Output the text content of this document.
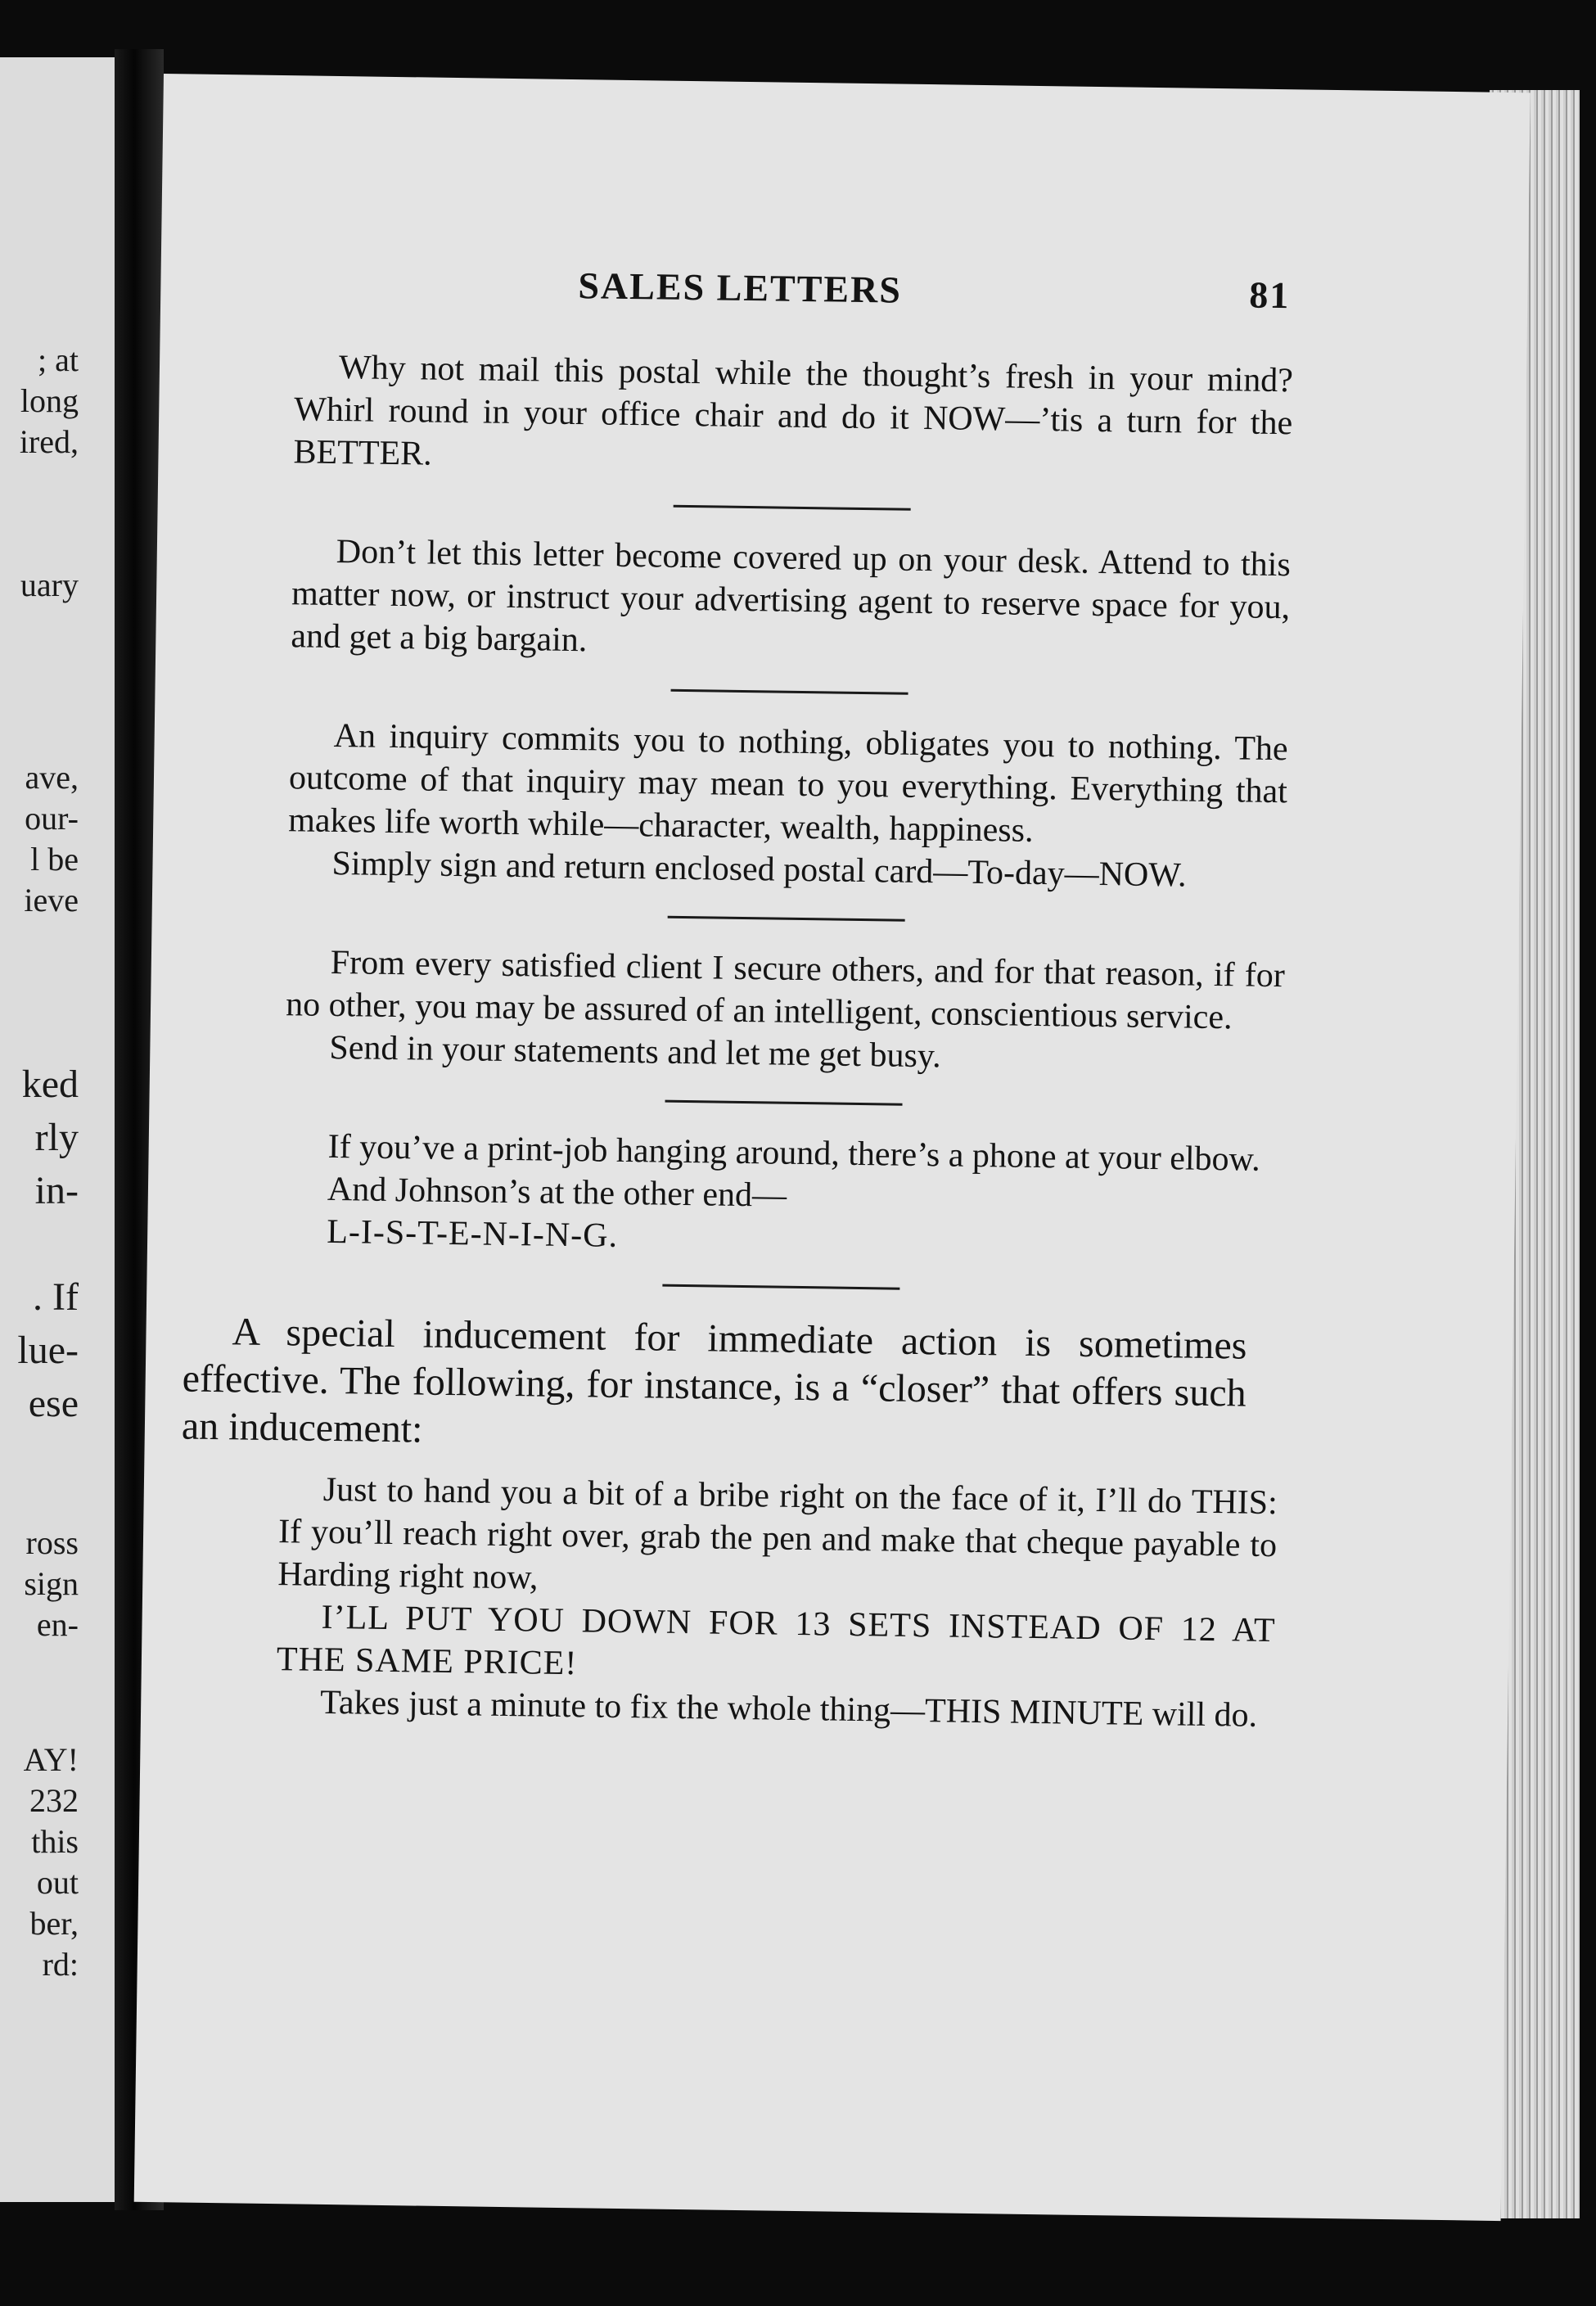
; at
long
ired,
uary
ave,
our-
l be
ieve
ked
rly
in-
. If
lue-
ese
ross
sign
en-
AY!
232
this
out
ber,
rd:
SALES LETTERS	81

Why not mail this postal while the thought’s fresh in your mind? Whirl round in your office chair and do it NOW—’tis a turn for the BETTER.

Don’t let this letter become covered up on your desk. Attend to this matter now, or instruct your advertising agent to reserve space for you, and get a big bargain.

An inquiry commits you to nothing, obligates you to nothing. The outcome of that inquiry may mean to you everything. Everything that makes life worth while—character, wealth, happiness.

Simply sign and return enclosed postal card—To-day—NOW.

From every satisfied client I secure others, and for that reason, if for no other, you may be assured of an intelligent, conscientious service.

Send in your statements and let me get busy.

If you’ve a print-job hanging around, there’s a phone at your elbow.

And Johnson’s at the other end—

L-I-S-T-E-N-I-N-G.

A special inducement for immediate action is sometimes effective. The following, for instance, is a “closer” that offers such an inducement:

Just to hand you a bit of a bribe right on the face of it, I’ll do THIS: If you’ll reach right over, grab the pen and make that cheque payable to Harding right now,

I’LL PUT YOU DOWN FOR 13 SETS INSTEAD OF 12 AT THE SAME PRICE!

Takes just a minute to fix the whole thing—THIS MINUTE will do.
